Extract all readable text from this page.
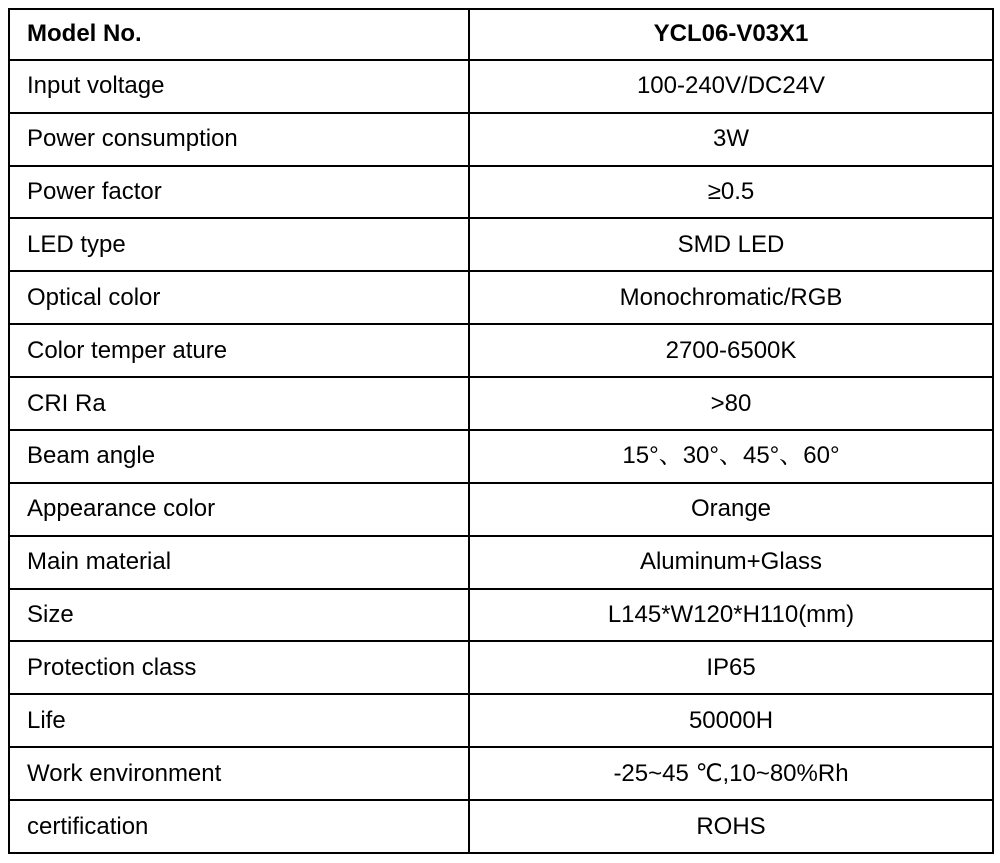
Model No.	YCL06-V03X1
Input voltage	100-240V/DC24V
Power consumption	3W
Power factor	≥0.5
LED type	SMD LED
Optical color	Monochromatic/RGB
Color temper ature	2700-6500K
CRI Ra	>80
Beam angle	15°、30°、45°、60°
Appearance color	Orange
Main material	Aluminum+Glass
Size	L145*W120*H110(mm)
Protection class	IP65
Life	50000H
Work environment	-25~45 ℃,10~80%Rh
certification	ROHS
